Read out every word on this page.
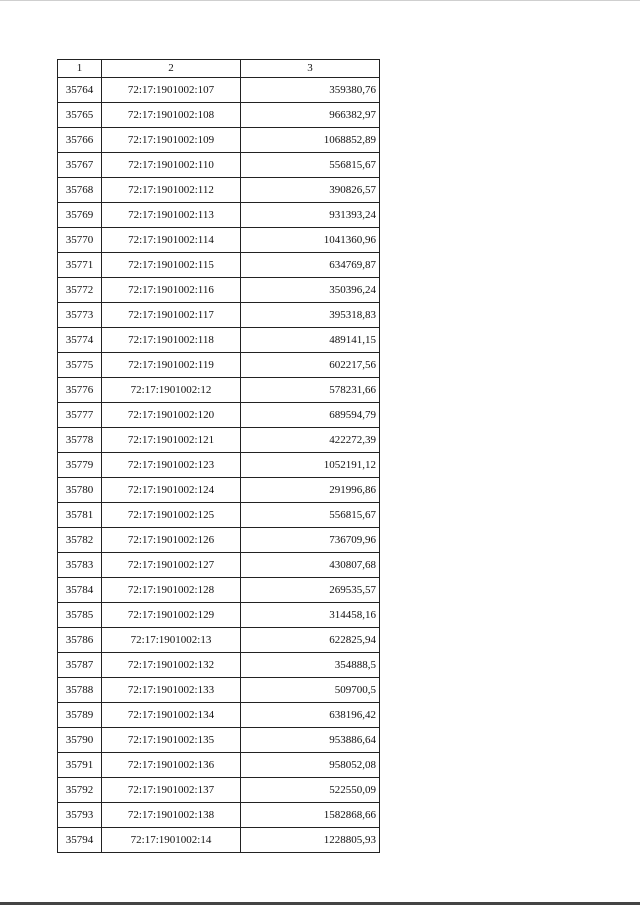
1	2	3
35764	72:17:1901002:107	359380,76
35765	72:17:1901002:108	966382,97
35766	72:17:1901002:109	1068852,89
35767	72:17:1901002:110	556815,67
35768	72:17:1901002:112	390826,57
35769	72:17:1901002:113	931393,24
35770	72:17:1901002:114	1041360,96
35771	72:17:1901002:115	634769,87
35772	72:17:1901002:116	350396,24
35773	72:17:1901002:117	395318,83
35774	72:17:1901002:118	489141,15
35775	72:17:1901002:119	602217,56
35776	72:17:1901002:12	578231,66
35777	72:17:1901002:120	689594,79
35778	72:17:1901002:121	422272,39
35779	72:17:1901002:123	1052191,12
35780	72:17:1901002:124	291996,86
35781	72:17:1901002:125	556815,67
35782	72:17:1901002:126	736709,96
35783	72:17:1901002:127	430807,68
35784	72:17:1901002:128	269535,57
35785	72:17:1901002:129	314458,16
35786	72:17:1901002:13	622825,94
35787	72:17:1901002:132	354888,5
35788	72:17:1901002:133	509700,5
35789	72:17:1901002:134	638196,42
35790	72:17:1901002:135	953886,64
35791	72:17:1901002:136	958052,08
35792	72:17:1901002:137	522550,09
35793	72:17:1901002:138	1582868,66
35794	72:17:1901002:14	1228805,93
